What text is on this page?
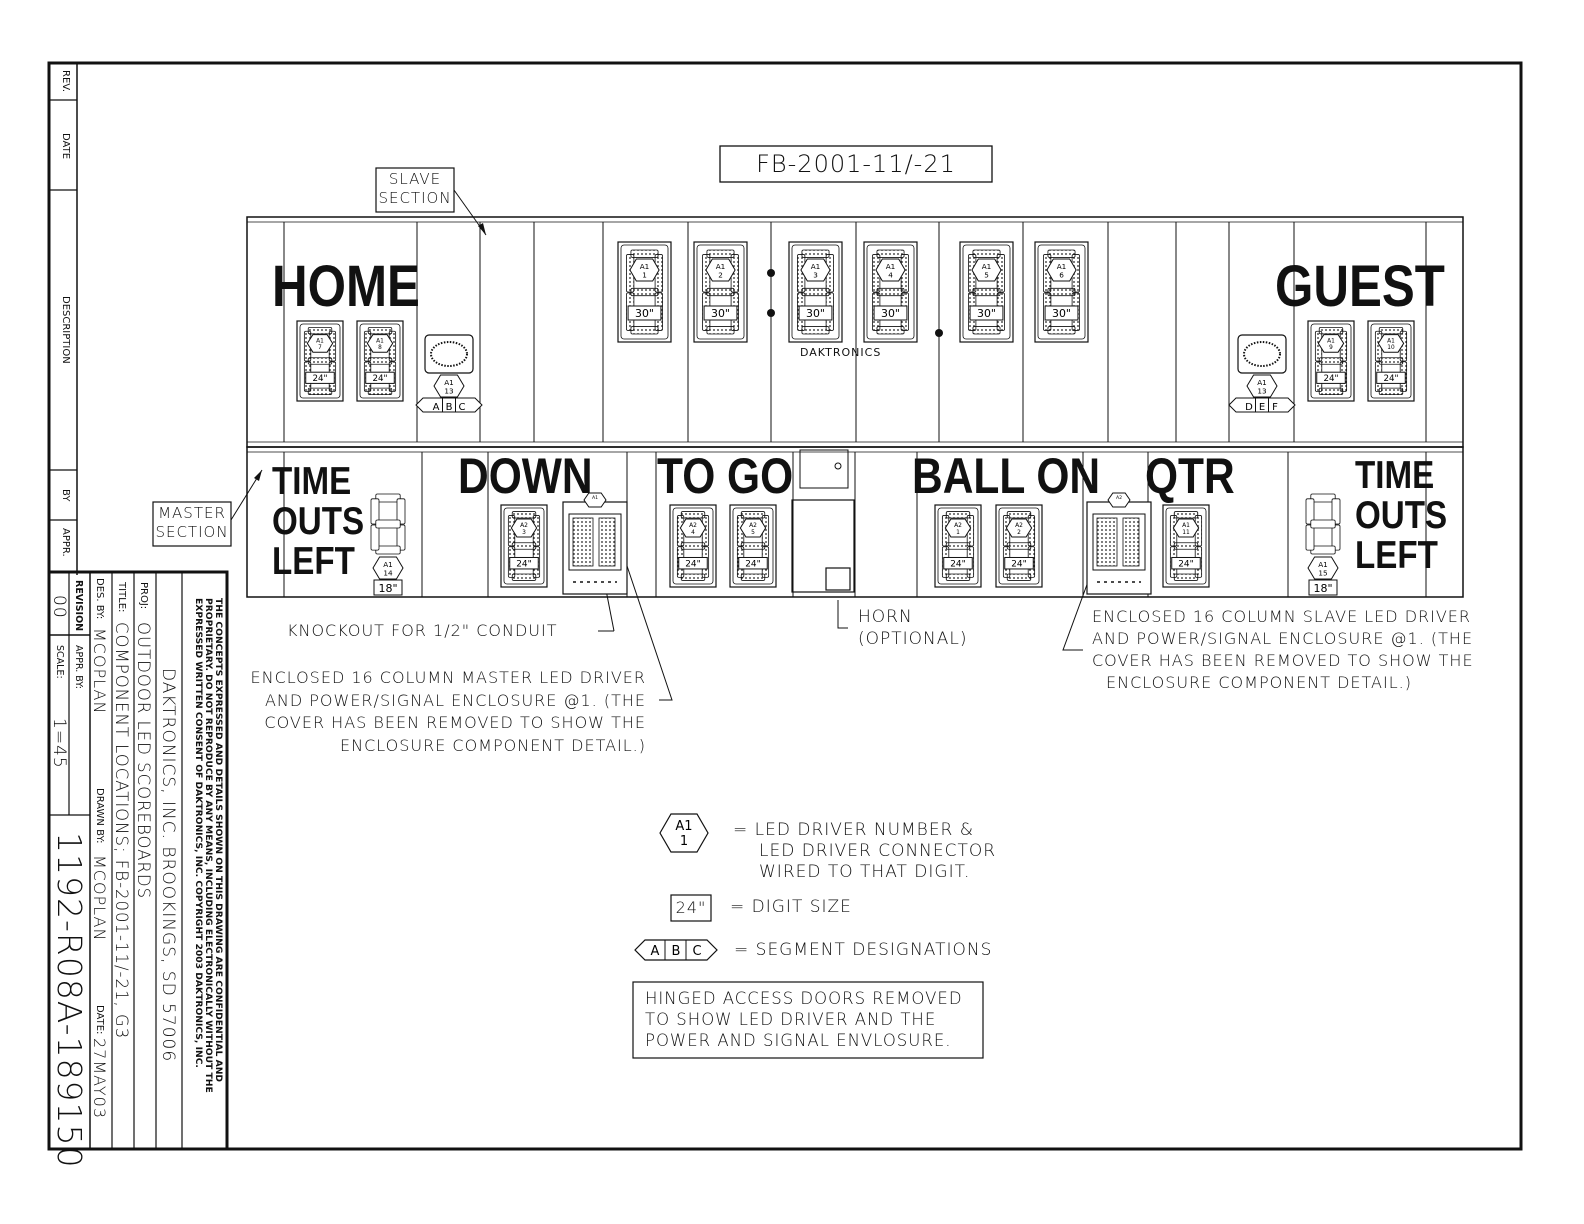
A1
1
30"
A1
2
30"
A1
3
30"
A1
4
30"
A1
5
30"
A1
6
30"
A1
7
24"
A1
8
24"
A1
9
24"
A1
10
24"
A2
3
24"
A2
4
24"
A2
5
24"
A2
1
24"
A2
2
24"
A1
11
24"
A1
14
18"
A1
15
18"
A1
13
A B C
A1
13
D E F
A1	A2
FB-2001-11/-21
SLAVE
SECTION
MASTER
SECTION
HOME	GUEST
DAKTRONICS
TIME
OUTS
LEFT
TIME
OUTS
LEFT
DOWN TO GO BALL ON QTR
KNOCKOUT FOR 1/2" CONDUIT
HORN
(OPTIONAL)
ENCLOSED 16 COLUMN MASTER LED DRIVER
AND POWER/SIGNAL ENCLOSURE @1. (THE
COVER HAS BEEN REMOVED TO SHOW THE
ENCLOSURE COMPONENT DETAIL.)
ENCLOSED 16 COLUMN SLAVE LED DRIVER
AND POWER/SIGNAL ENCLOSURE @1. (THE
COVER HAS BEEN REMOVED TO SHOW THE
ENCLOSURE COMPONENT DETAIL.)
A1
1
= LED DRIVER NUMBER &
LED DRIVER CONNECTOR
WIRED TO THAT DIGIT.
24" = DIGIT SIZE
A B C = SEGMENT DESIGNATIONS
HINGED ACCESS DOORS REMOVED
TO SHOW LED DRIVER AND THE
POWER AND SIGNAL ENVLOSURE.
REV.
DATE
DESCRIPTION
BY
APPR.
THE CONCEPTS EXPRESSED AND DETAILS SHOWN ON THIS DRAWING ARE CONFIDENTIAL AND
PROPRIETARY. DO NOT REPRODUCE BY ANY MEANS, INCLUDING ELECTRONICALLY WITHOUT THE
EXPRESSED WRITTEN CONSENT OF DAKTRONICS, INC. COPYRIGHT 2003 DAKTRONICS, INC.
DAKTRONICS, INC. BROOKINGS, SD 57006
PROJ:
OUTDOOR LED SCOREBOARDS
TITLE:
COMPONENT LOCATIONS; FB-2001-11/-21, G3
DES. BY:
MCOPLAN
DRAWN BY:
MCOPLAN
DATE:
27MAY03
REVISION
00
APPR. BY:
SCALE:
1=45
1192-R08A-189150
